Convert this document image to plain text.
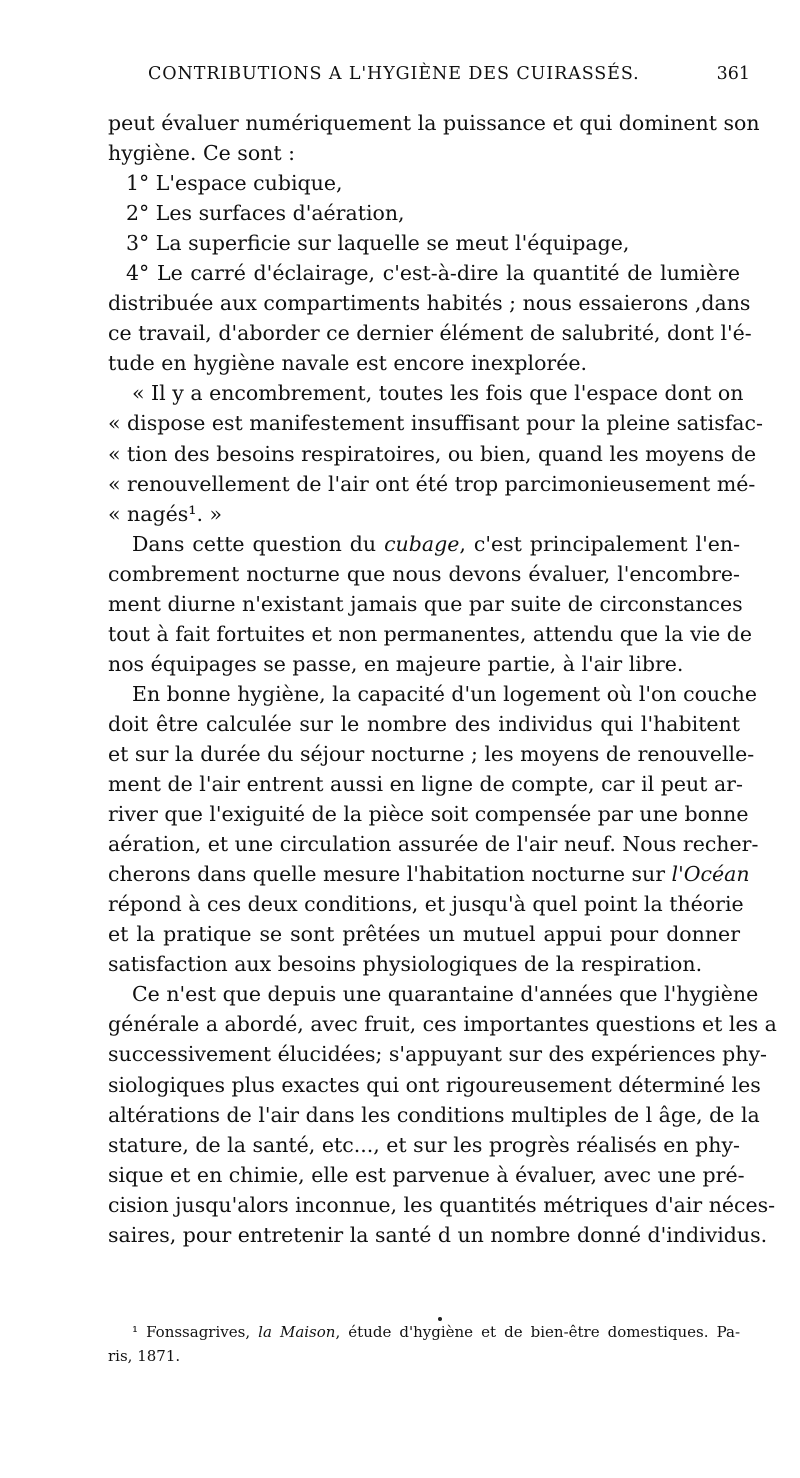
CONTRIBUTIONS A L'HYGIÈNE DES CUIRASSÉS.	361
peut évaluer numériquement la puissance et qui dominent son
hygiène. Ce sont :
1° L'espace cubique,
2° Les surfaces d'aération,
3° La superficie sur laquelle se meut l'équipage,
4° Le carré d'éclairage, c'est-à-dire la quantité de lumière
distribuée aux compartiments habités ; nous essaierons ,dans
ce travail, d'aborder ce dernier élément de salubrité, dont l'é-
tude en hygiène navale est encore inexplorée.
« Il y a encombrement, toutes les fois que l'espace dont on
« dispose est manifestement insuffisant pour la pleine satisfac-
« tion des besoins respiratoires, ou bien, quand les moyens de
« renouvellement de l'air ont été trop parcimonieusement mé-
« nagés¹. »
Dans cette question du cubage, c'est principalement l'en-
combrement nocturne que nous devons évaluer, l'encombre-
ment diurne n'existant jamais que par suite de circonstances
tout à fait fortuites et non permanentes, attendu que la vie de
nos équipages se passe, en majeure partie, à l'air libre.
En bonne hygiène, la capacité d'un logement où l'on couche
doit être calculée sur le nombre des individus qui l'habitent
et sur la durée du séjour nocturne ; les moyens de renouvelle-
ment de l'air entrent aussi en ligne de compte, car il peut ar-
river que l'exiguité de la pièce soit compensée par une bonne
aération, et une circulation assurée de l'air neuf. Nous recher-
cherons dans quelle mesure l'habitation nocturne sur l'Océan
répond à ces deux conditions, et jusqu'à quel point la théorie
et la pratique se sont prêtées un mutuel appui pour donner
satisfaction aux besoins physiologiques de la respiration.
Ce n'est que depuis une quarantaine d'années que l'hygiène
générale a abordé, avec fruit, ces importantes questions et les a
successivement élucidées; s'appuyant sur des expériences phy-
siologiques plus exactes qui ont rigoureusement déterminé les
altérations de l'air dans les conditions multiples de l âge, de la
stature, de la santé, etc..., et sur les progrès réalisés en phy-
sique et en chimie, elle est parvenue à évaluer, avec une pré-
cision jusqu'alors inconnue, les quantités métriques d'air néces-
saires, pour entretenir la santé d un nombre donné d'individus.
¹ Fonssagrives, la Maison, étude d'hygiène et de bien-être domestiques. Pa-
ris, 1871.
